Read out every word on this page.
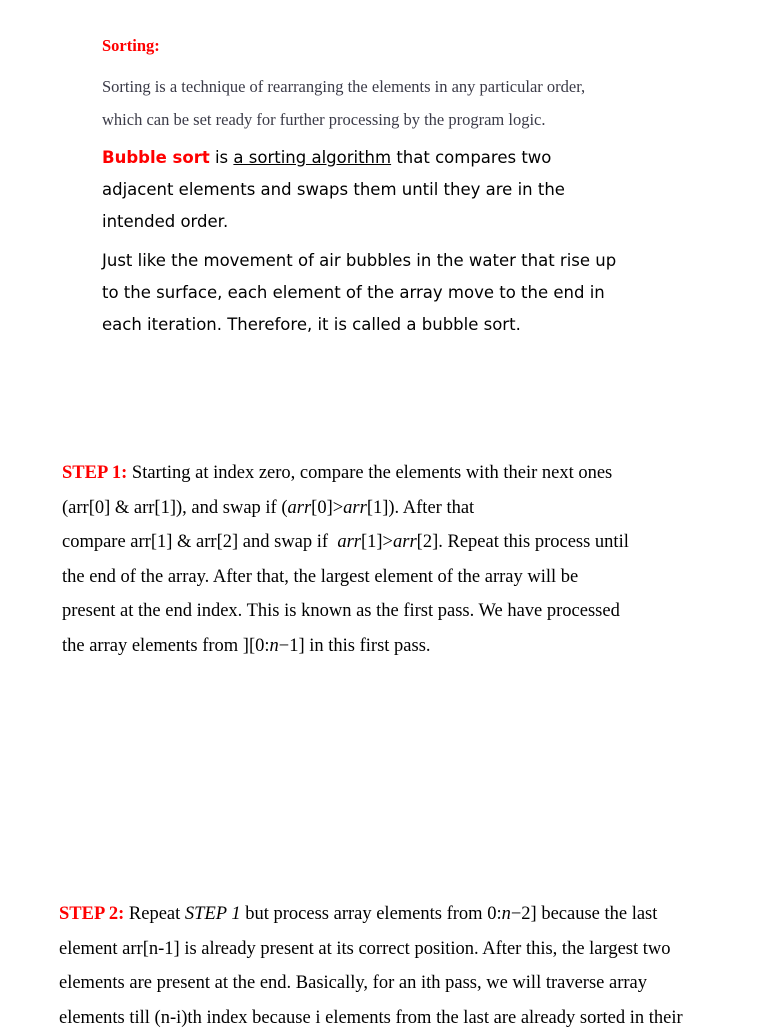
Sorting:
Sorting is a technique of rearranging the elements in any particular order,
which can be set ready for further processing by the program logic.
Bubble sort is a sorting algorithm that compares two
adjacent elements and swaps them until they are in the
intended order.
Just like the movement of air bubbles in the water that rise up
to the surface, each element of the array move to the end in
each iteration. Therefore, it is called a bubble sort.
STEP 1: Starting at index zero, compare the elements with their next ones
(arr[0] & arr[1]), and swap if (arr[0]>arr[1]). After that
compare arr[1] & arr[2] and swap if  arr[1]>arr[2]. Repeat this process until
the end of the array. After that, the largest element of the array will be
present at the end index. This is known as the first pass. We have processed
the array elements from ][0:n−1] in this first pass.
STEP 2: Repeat STEP 1 but process array elements from 0:n−2] because the last
element arr[n-1] is already present at its correct position. After this, the largest two
elements are present at the end. Basically, for an ith pass, we will traverse array
elements till (n-i)th index because i elements from the last are already sorted in their
